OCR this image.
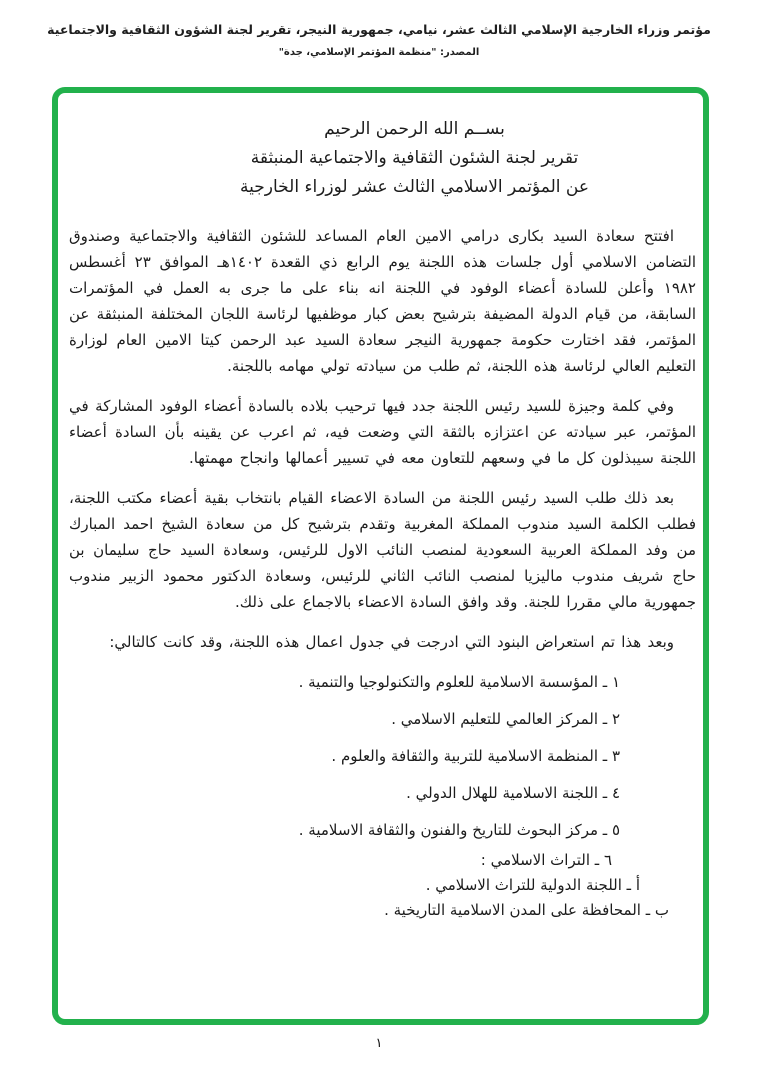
مؤتمر وزراء الخارجية الإسلامي الثالث عشر، نيامي، جمهورية النيجر، تقرير لجنة الشؤون الثقافية والاجتماعية
المصدر: "منظمة المؤتمر الإسلامي، جدة"
بســم الله الرحمن الرحيم
تقرير لجنة الشئون الثقافية والاجتماعية المنبثقة
عن المؤتمر الاسلامي الثالث عشر لوزراء الخارجية

افتتح سعادة السيد بكارى درامي الامين العام المساعد للشئون الثقافية والاجتماعية وصندوق التضامن الاسلامي أول جلسات هذه اللجنة يوم الرابع ذي القعدة ١٤٠٢هـ الموافق ٢٣ أغسطس ١٩٨٢ وأعلن للسادة أعضاء الوفود في اللجنة انه بناء على ما جرى به العمل في المؤتمرات السابقة، من قيام الدولة المضيفة بترشيح بعض كبار موظفيها لرئاسة اللجان المختلفة المنبثقة عن المؤتمر، فقد اختارت حكومة جمهورية النيجر سعادة السيد عبد الرحمن كيتا الامين العام لوزارة التعليم العالي لرئاسة هذه اللجنة، ثم طلب من سيادته تولي مهامه باللجنة.

وفي كلمة وجيزة للسيد رئيس اللجنة جدد فيها ترحيب بلاده بالسادة أعضاء الوفود المشاركة في المؤتمر، عبر سيادته عن اعتزازه بالثقة التي وضعت فيه، ثم اعرب عن يقينه بأن السادة أعضاء اللجنة سيبذلون كل ما في وسعهم للتعاون معه في تسيير أعمالها وانجاح مهمتها.

بعد ذلك طلب السيد رئيس اللجنة من السادة الاعضاء القيام بانتخاب بقية أعضاء مكتب اللجنة، فطلب الكلمة السيد مندوب المملكة المغربية وتقدم بترشيح كل من سعادة الشيخ احمد المبارك من وفد المملكة العربية السعودية لمنصب النائب الاول للرئيس، وسعادة السيد حاج سليمان بن حاج شريف مندوب ماليزيا لمنصب النائب الثاني للرئيس، وسعادة الدكتور محمود الزبير مندوب جمهورية مالي مقررا للجنة. وقد وافق السادة الاعضاء بالاجماع على ذلك.

وبعد هذا تم استعراض البنود التي ادرجت في جدول اعمال هذه اللجنة، وقد كانت كالتالي:

١ ـ المؤسسة الاسلامية للعلوم والتكنولوجيا والتنمية .
٢ ـ المركز العالمي للتعليم الاسلامي .
٣ ـ المنظمة الاسلامية للتربية والثقافة والعلوم .
٤ ـ اللجنة الاسلامية للهلال الدولي .
٥ ـ مركز البحوث للتاريخ والفنون والثقافة الاسلامية .
٦ ـ التراث الاسلامي :
أ ـ اللجنة الدولية للتراث الاسلامي .
ب ـ المحافظة على المدن الاسلامية التاريخية .
١
